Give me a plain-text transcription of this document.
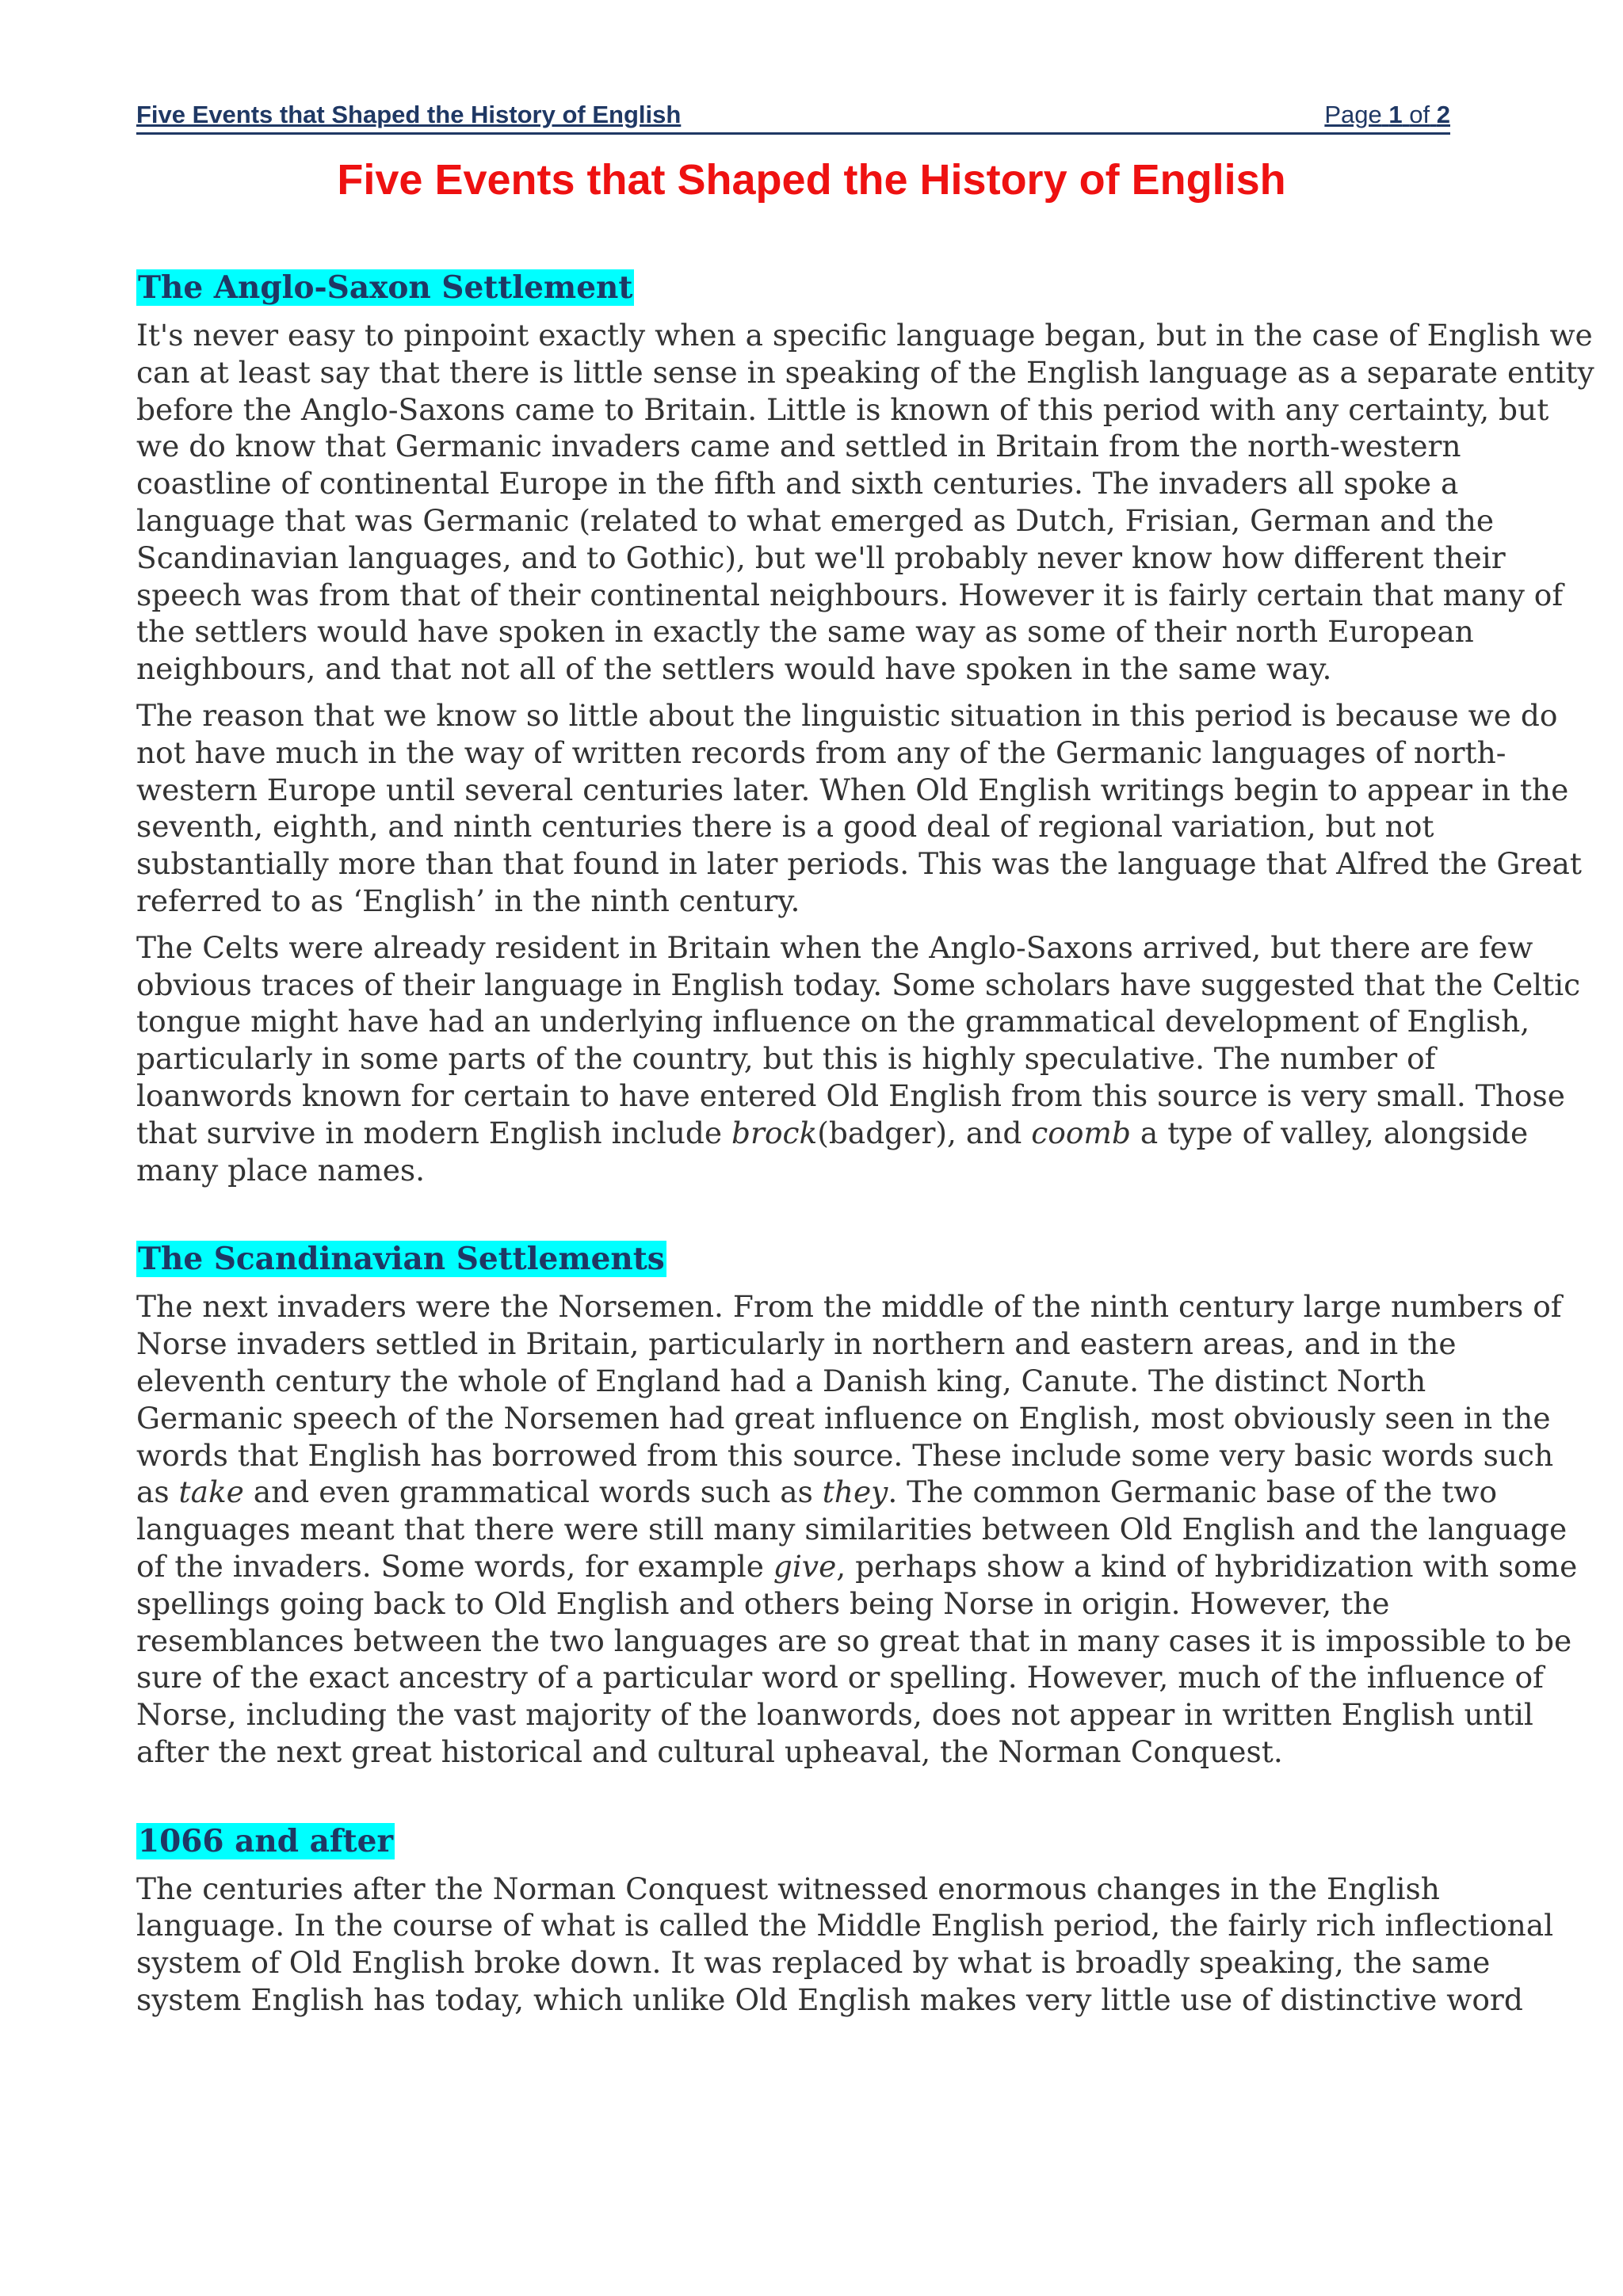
Five Events that Shaped the History of English	Page 1 of 2
Five Events that Shaped the History of English
The Anglo-Saxon Settlement
It's never easy to pinpoint exactly when a specific language began, but in the case of English we
can at least say that there is little sense in speaking of the English language as a separate entity
before the Anglo-Saxons came to Britain. Little is known of this period with any certainty, but
we do know that Germanic invaders came and settled in Britain from the north-western
coastline of continental Europe in the fifth and sixth centuries. The invaders all spoke a
language that was Germanic (related to what emerged as Dutch, Frisian, German and the
Scandinavian languages, and to Gothic), but we'll probably never know how different their
speech was from that of their continental neighbours. However it is fairly certain that many of
the settlers would have spoken in exactly the same way as some of their north European
neighbours, and that not all of the settlers would have spoken in the same way.
The reason that we know so little about the linguistic situation in this period is because we do
not have much in the way of written records from any of the Germanic languages of north-
western Europe until several centuries later. When Old English writings begin to appear in the
seventh, eighth, and ninth centuries there is a good deal of regional variation, but not
substantially more than that found in later periods. This was the language that Alfred the Great
referred to as ‘English’ in the ninth century.
The Celts were already resident in Britain when the Anglo-Saxons arrived, but there are few
obvious traces of their language in English today. Some scholars have suggested that the Celtic
tongue might have had an underlying influence on the grammatical development of English,
particularly in some parts of the country, but this is highly speculative. The number of
loanwords known for certain to have entered Old English from this source is very small. Those
that survive in modern English include brock(badger), and coomb a type of valley, alongside
many place names.
The Scandinavian Settlements
The next invaders were the Norsemen. From the middle of the ninth century large numbers of
Norse invaders settled in Britain, particularly in northern and eastern areas, and in the
eleventh century the whole of England had a Danish king, Canute. The distinct North
Germanic speech of the Norsemen had great influence on English, most obviously seen in the
words that English has borrowed from this source. These include some very basic words such
as take and even grammatical words such as they. The common Germanic base of the two
languages meant that there were still many similarities between Old English and the language
of the invaders. Some words, for example give, perhaps show a kind of hybridization with some
spellings going back to Old English and others being Norse in origin. However, the
resemblances between the two languages are so great that in many cases it is impossible to be
sure of the exact ancestry of a particular word or spelling. However, much of the influence of
Norse, including the vast majority of the loanwords, does not appear in written English until
after the next great historical and cultural upheaval, the Norman Conquest.
1066 and after
The centuries after the Norman Conquest witnessed enormous changes in the English
language. In the course of what is called the Middle English period, the fairly rich inflectional
system of Old English broke down. It was replaced by what is broadly speaking, the same
system English has today, which unlike Old English makes very little use of distinctive word
